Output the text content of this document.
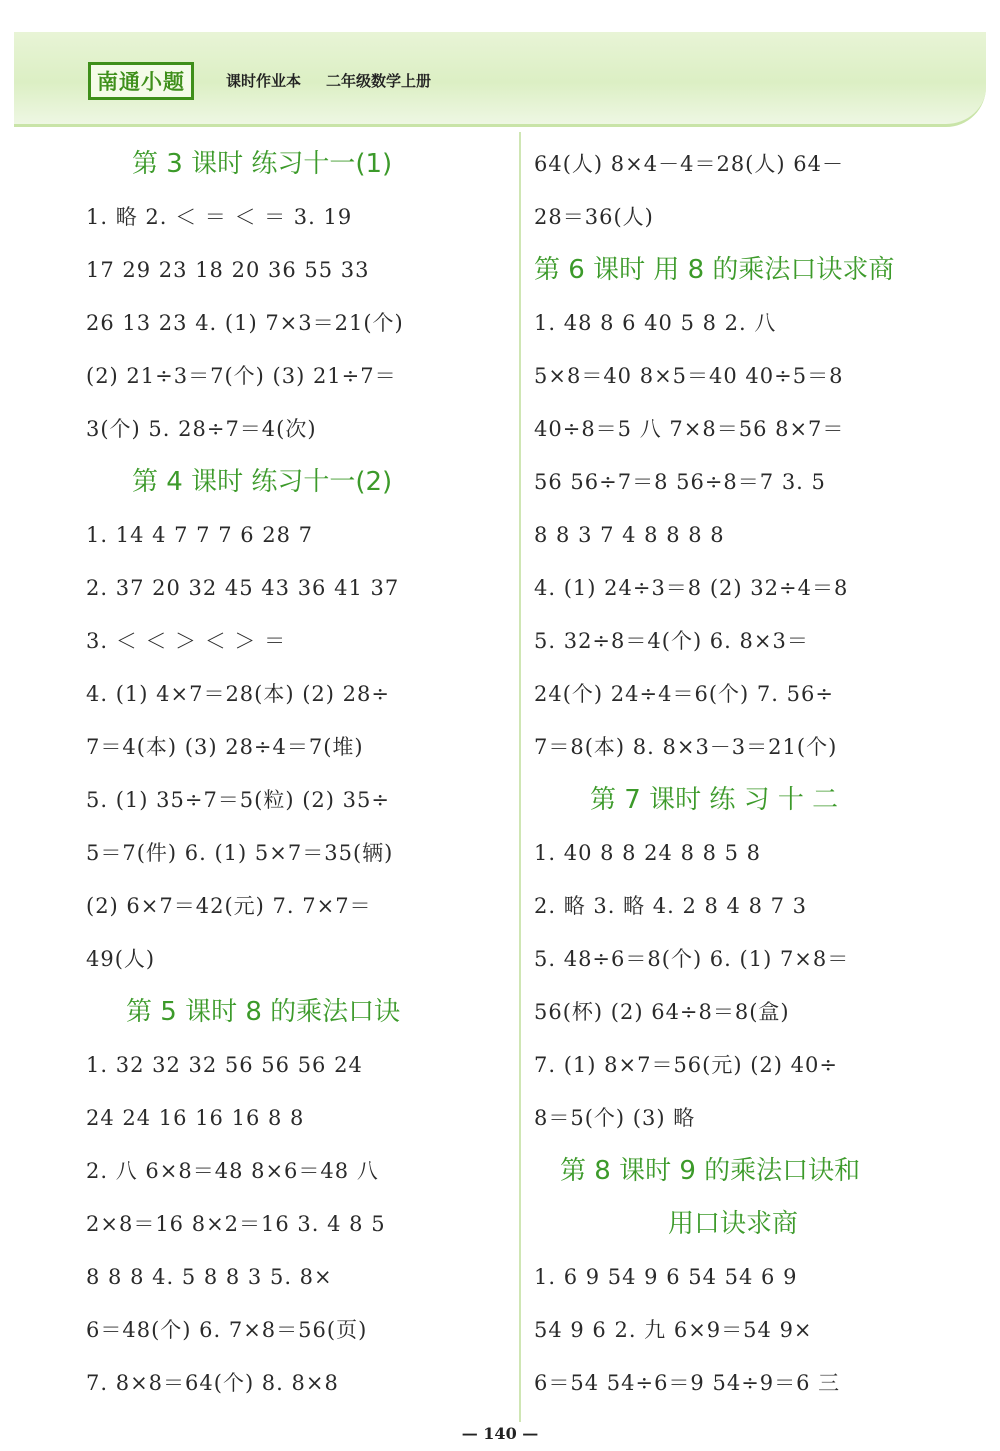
南通小题	课时作业本 二年级数学上册
第 3 课时 练习十一(1)
1. 略 2. ＜ ＝ ＜ ＝ 3. 19
17 29 23 18 20 36 55 33
26 13 23 4. (1) 7×3＝21(个)
(2) 21÷3＝7(个) (3) 21÷7＝
3(个) 5. 28÷7＝4(次)
第 4 课时 练习十一(2)
1. 14 4 7 7 7 6 28 7
2. 37 20 32 45 43 36 41 37
3. ＜ ＜ ＞ ＜ ＞ ＝
4. (1) 4×7＝28(本) (2) 28÷
7＝4(本) (3) 28÷4＝7(堆)
5. (1) 35÷7＝5(粒) (2) 35÷
5＝7(件) 6. (1) 5×7＝35(辆)
(2) 6×7＝42(元) 7. 7×7＝
49(人)
第 5 课时 8 的乘法口诀
1. 32 32 32 56 56 56 24
24 24 16 16 16 8 8
2. 八 6×8＝48 8×6＝48 八
2×8＝16 8×2＝16 3. 4 8 5
8 8 8 4. 5 8 8 3 5. 8×
6＝48(个) 6. 7×8＝56(页)
7. 8×8＝64(个) 8. 8×8
64(人) 8×4－4＝28(人) 64－
28＝36(人)
第 6 课时 用 8 的乘法口诀求商
1. 48 8 6 40 5 8 2. 八
5×8＝40 8×5＝40 40÷5＝8
40÷8＝5 八 7×8＝56 8×7＝
56 56÷7＝8 56÷8＝7 3. 5
8 8 3 7 4 8 8 8 8
4. (1) 24÷3＝8 (2) 32÷4＝8
5. 32÷8＝4(个) 6. 8×3＝
24(个) 24÷4＝6(个) 7. 56÷
7＝8(本) 8. 8×3－3＝21(个)
第 7 课时 练 习 十 二
1. 40 8 8 24 8 8 5 8
2. 略 3. 略 4. 2 8 4 8 7 3
5. 48÷6＝8(个) 6. (1) 7×8＝
56(杯) (2) 64÷8＝8(盒)
7. (1) 8×7＝56(元) (2) 40÷
8＝5(个) (3) 略
第 8 课时 9 的乘法口诀和
用口诀求商
1. 6 9 54 9 6 54 54 6 9
54 9 6 2. 九 6×9＝54 9×
6＝54 54÷6＝9 54÷9＝6 三
— 140 —
